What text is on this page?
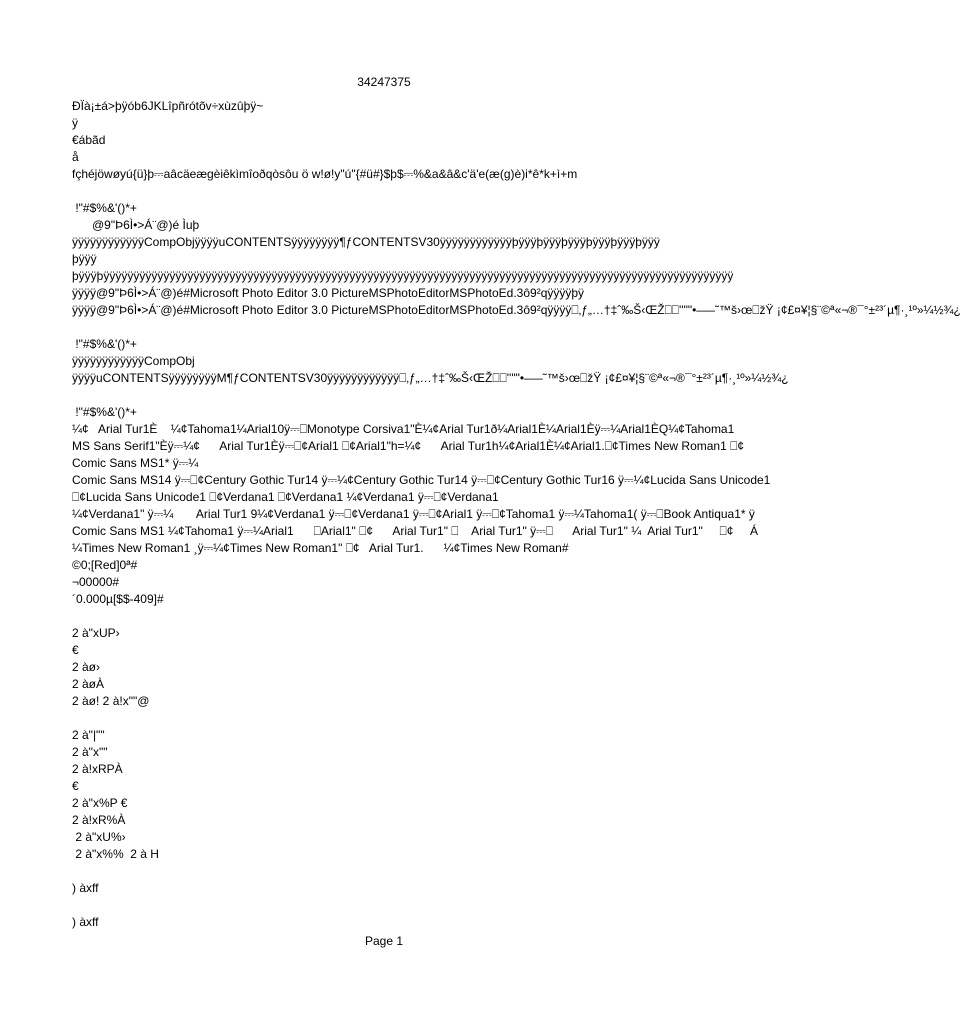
34247375
ÐÏà¡±á>þÿób6JKLîpñrótõv÷xùzûþÿ~
ÿ
€ábãd
å
fçhéjöwøyú{ü}þ⎓aâcäeægèiêkìmîoðqòsôu ö w!ø!y"ú"{#ü#}$þ$⎓%&a&â&c'ä'e(æ(g)è)i*ê*k+ì+m
!"#$%&'()*+
@9"Þ6Ì•>Á¨@)é Ìuþ
ÿÿÿÿÿÿÿÿÿÿÿÿCompObjÿÿÿÿuCONTENTSÿÿÿÿÿÿÿÿ¶ƒCONTENTSV30ÿÿÿÿÿÿÿÿÿÿÿÿþÿÿÿþÿÿÿþÿÿÿþÿÿÿþÿÿÿþÿÿÿ
þÿÿÿ
þÿÿÿþÿÿÿÿÿÿÿÿÿÿÿÿÿÿÿÿÿÿÿÿÿÿÿÿÿÿÿÿÿÿÿÿÿÿÿÿÿÿÿÿÿÿÿÿÿÿÿÿÿÿÿÿÿÿÿÿÿÿÿÿÿÿÿÿÿÿÿÿÿÿÿÿÿÿÿÿÿÿÿÿÿÿÿÿÿÿÿÿÿÿÿÿÿÿÿÿÿÿÿÿÿÿÿÿÿ
ÿÿÿÿ@9"Þ6Ì•>Á¨@)é#Microsoft Photo Editor 3.0 PictureMSPhotoEditorMSPhotoEd.3ô9²qÿÿÿÿþÿ
ÿÿÿÿ@9"Þ6Ì•>Á¨@)é#Microsoft Photo Editor 3.0 PictureMSPhotoEditorMSPhotoEd.3ô9²qÿÿÿÿ⎕‚ƒ„…†‡ˆ‰Š‹ŒŽ⎕⎕''""•–—˜™š›œ⎕žŸ ¡¢£¤¥¦§¨©ª«¬®¯°±²³´µ¶·¸¹º»¼½¾¿
!"#$%&'()*+
ÿÿÿÿÿÿÿÿÿÿÿÿCompObj
ÿÿÿÿuCONTENTSÿÿÿÿÿÿÿÿM¶ƒCONTENTSV30ÿÿÿÿÿÿÿÿÿÿÿÿ⎕‚ƒ„…†‡ˆ‰Š‹ŒŽ⎕⎕''""•–—˜™š›œ⎕žŸ ¡¢£¤¥¦§¨©ª«¬®¯°±²³´µ¶·¸¹º»¼½¾¿
!"#$%&'()*+
¼¢   Arial Tur1È    ¼¢Tahoma1¼Arial10ÿ⎓⎕Monotype Corsiva1"È¼¢Arial Tur1ð¼Arial1È¼Arial1Èÿ⎓¼Arial1ÈQ¼¢Tahoma1
MS Sans Serif1"Èÿ⎓¼¢      Arial Tur1Èÿ⎓⎕¢Arial1 ⎕¢Arial1"h=¼¢      Arial Tur1h¼¢Arial1È¼¢Arial1.⎕¢Times New Roman1 ⎕¢
Comic Sans MS1* ÿ⎓¼
Comic Sans MS14 ÿ⎓⎕¢Century Gothic Tur14 ÿ⎓¼¢Century Gothic Tur14 ÿ⎓⎕¢Century Gothic Tur16 ÿ⎓¼¢Lucida Sans Unicode1
⎕¢Lucida Sans Unicode1 ⎕¢Verdana1 ⎕¢Verdana1 ¼¢Verdana1 ÿ⎓⎕¢Verdana1
¼¢Verdana1" ÿ⎓¼       Arial Tur1 9¼¢Verdana1 ÿ⎓⎕¢Verdana1 ÿ⎓⎕¢Arial1 ÿ⎓⎕¢Tahoma1 ÿ⎓¼Tahoma1( ÿ⎓⎕Book Antiqua1* ÿ
Comic Sans MS1 ¼¢Tahoma1 ÿ⎓¼Arial1      ⎕Arial1" ⎕¢      Arial Tur1" ⎕    Arial Tur1" ÿ⎓⎕      Arial Tur1" ¼  Arial Tur1"     ⎕¢     Á
¼Times New Roman1 ¸ÿ⎓¼¢Times New Roman1" ⎕¢   Arial Tur1.      ¼¢Times New Roman#
©0;[Red]0ª#
¬00000#
´0.000µ[$$-409]#
2 à"xUP›
€
2 àø›
2 àøÀ
2 àø! 2 à!x""@
2 à"|""
2 à"x""
2 à!xRPÀ
€
2 à"x%P €
2 à!xR%À
2 à"xU%›
2 à"x%%  2 à H
) àxff
) àxff
Page 1
